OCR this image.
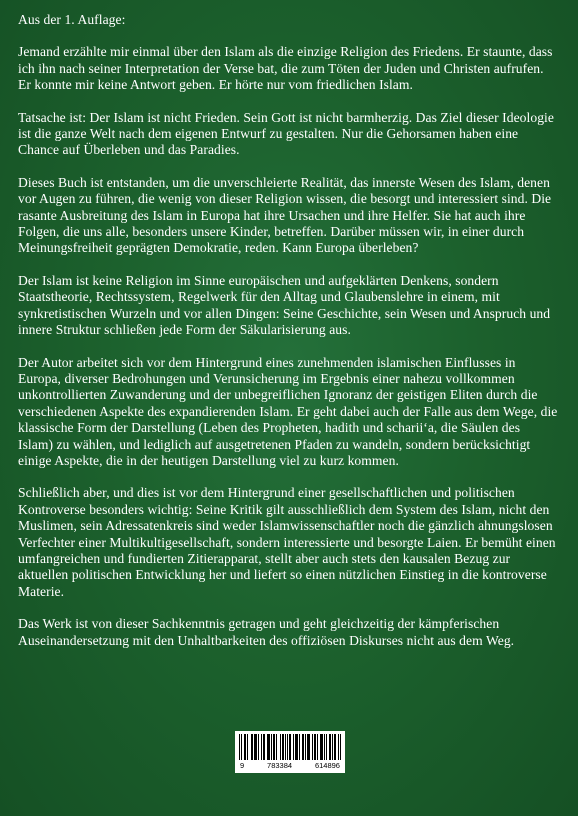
Aus der 1. Auflage:

Jemand erzählte mir einmal über den Islam als die einzige Religion des Friedens. Er staunte, dass ich ihn nach seiner Interpretation der Verse bat, die zum Töten der Juden und Christen aufrufen. Er konnte mir keine Antwort geben. Er hörte nur vom friedlichen Islam.

Tatsache ist: Der Islam ist nicht Frieden. Sein Gott ist nicht barmherzig. Das Ziel dieser Ideologie ist die ganze Welt nach dem eigenen Entwurf zu gestalten. Nur die Gehorsamen haben eine Chance auf Überleben und das Paradies.

Dieses Buch ist entstanden, um die unverschleierte Realität, das innerste Wesen des Islam, denen vor Augen zu führen, die wenig von dieser Religion wissen, die besorgt und interessiert sind. Die rasante Ausbreitung des Islam in Europa hat ihre Ursachen und ihre Helfer. Sie hat auch ihre Folgen, die uns alle, besonders unsere Kinder, betreffen. Darüber müssen wir, in einer durch Meinungsfreiheit geprägten Demokratie, reden. Kann Europa überleben?

Der Islam ist keine Religion im Sinne europäischen und aufgeklärten Denkens, sondern Staatstheorie, Rechtssystem, Regelwerk für den Alltag und Glaubenslehre in einem, mit synkretistischen Wurzeln und vor allen Dingen: Seine Geschichte, sein Wesen und Anspruch und innere Struktur schließen jede Form der Säkularisierung aus.

Der Autor arbeitet sich vor dem Hintergrund eines zunehmenden islamischen Einflusses in Europa, diverser Bedrohungen und Verunsicherung im Ergebnis einer nahezu vollkommen unkontrollierten Zuwanderung und der unbegreiflichen Ignoranz der geistigen Eliten durch die verschiedenen Aspekte des expandierenden Islam. Er geht dabei auch der Falle aus dem Wege, die klassische Form der Darstellung (Leben des Propheten, hadith und scharii‘a, die Säulen des Islam) zu wählen, und lediglich auf ausgetretenen Pfaden zu wandeln, sondern berücksichtigt einige Aspekte, die in der heutigen Darstellung viel zu kurz kommen.

Schließlich aber, und dies ist vor dem Hintergrund einer gesellschaftlichen und politischen Kontroverse besonders wichtig: Seine Kritik gilt ausschließlich dem System des Islam, nicht den Muslimen, sein Adressatenkreis sind weder Islamwissenschaftler noch die gänzlich ahnungslosen Verfechter einer Multikultigesellschaft, sondern interessierte und besorgte Laien. Er bemüht einen umfangreichen und fundierten Zitierapparat, stellt aber auch stets den kausalen Bezug zur aktuellen politischen Entwicklung her und liefert so einen nützlichen Einstieg in die kontroverse Materie.

Das Werk ist von dieser Sachkenntnis getragen und geht gleichzeitig der kämpferischen Auseinandersetzung mit den Unhaltbarkeiten des offiziösen Diskurses nicht aus dem Weg.

9	783384	614896
